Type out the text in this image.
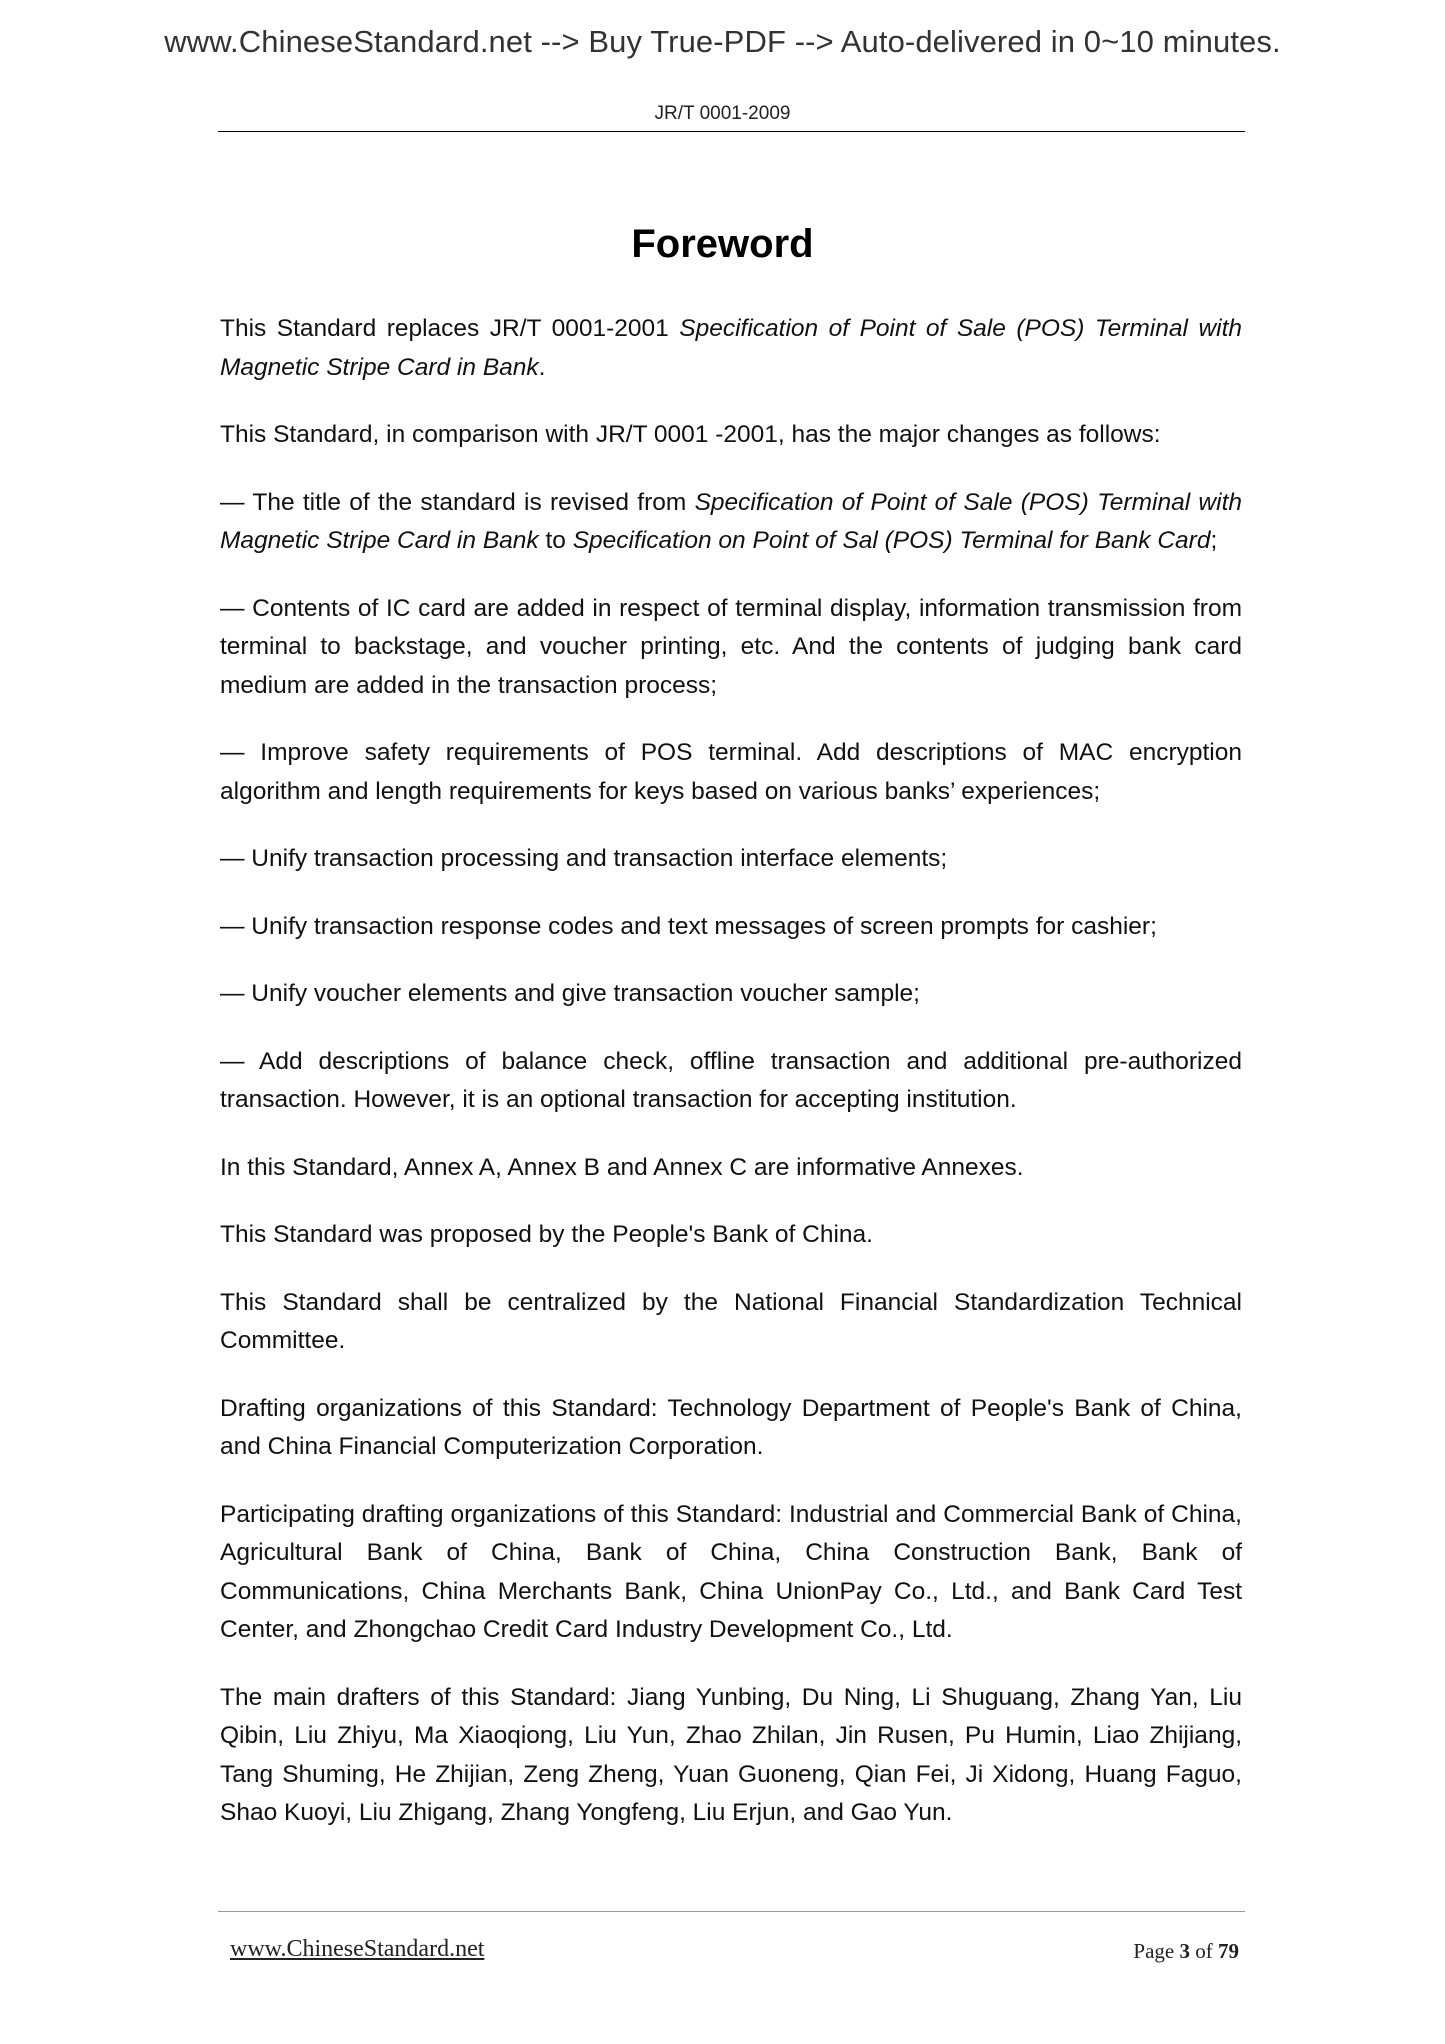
www.ChineseStandard.net --> Buy True-PDF --> Auto-delivered in 0~10 minutes.
JR/T 0001-2009
Foreword

This Standard replaces JR/T 0001-2001 Specification of Point of Sale (POS) Terminal with Magnetic Stripe Card in Bank.

This Standard, in comparison with JR/T 0001 -2001, has the major changes as follows:

— The title of the standard is revised from Specification of Point of Sale (POS) Terminal with Magnetic Stripe Card in Bank to Specification on Point of Sal (POS) Terminal for Bank Card;

— Contents of IC card are added in respect of terminal display, information transmission from terminal to backstage, and voucher printing, etc. And the contents of judging bank card medium are added in the transaction process;

— Improve safety requirements of POS terminal. Add descriptions of MAC encryption algorithm and length requirements for keys based on various banks’ experiences;

— Unify transaction processing and transaction interface elements;

— Unify transaction response codes and text messages of screen prompts for cashier;

— Unify voucher elements and give transaction voucher sample;

— Add descriptions of balance check, offline transaction and additional pre-authorized transaction. However, it is an optional transaction for accepting institution.

In this Standard, Annex A, Annex B and Annex C are informative Annexes.

This Standard was proposed by the People's Bank of China.

This Standard shall be centralized by the National Financial Standardization Technical Committee.

Drafting organizations of this Standard: Technology Department of People's Bank of China, and China Financial Computerization Corporation.

Participating drafting organizations of this Standard: Industrial and Commercial Bank of China, Agricultural Bank of China, Bank of China, China Construction Bank, Bank of Communications, China Merchants Bank, China UnionPay Co., Ltd., and Bank Card Test Center, and Zhongchao Credit Card Industry Development Co., Ltd.

The main drafters of this Standard: Jiang Yunbing, Du Ning, Li Shuguang, Zhang Yan, Liu Qibin, Liu Zhiyu, Ma Xiaoqiong, Liu Yun, Zhao Zhilan, Jin Rusen, Pu Humin, Liao Zhijiang, Tang Shuming, He Zhijian, Zeng Zheng, Yuan Guoneng, Qian Fei, Ji Xidong, Huang Faguo, Shao Kuoyi, Liu Zhigang, Zhang Yongfeng, Liu Erjun, and Gao Yun.

www.ChineseStandard.net	Page 3 of 79
